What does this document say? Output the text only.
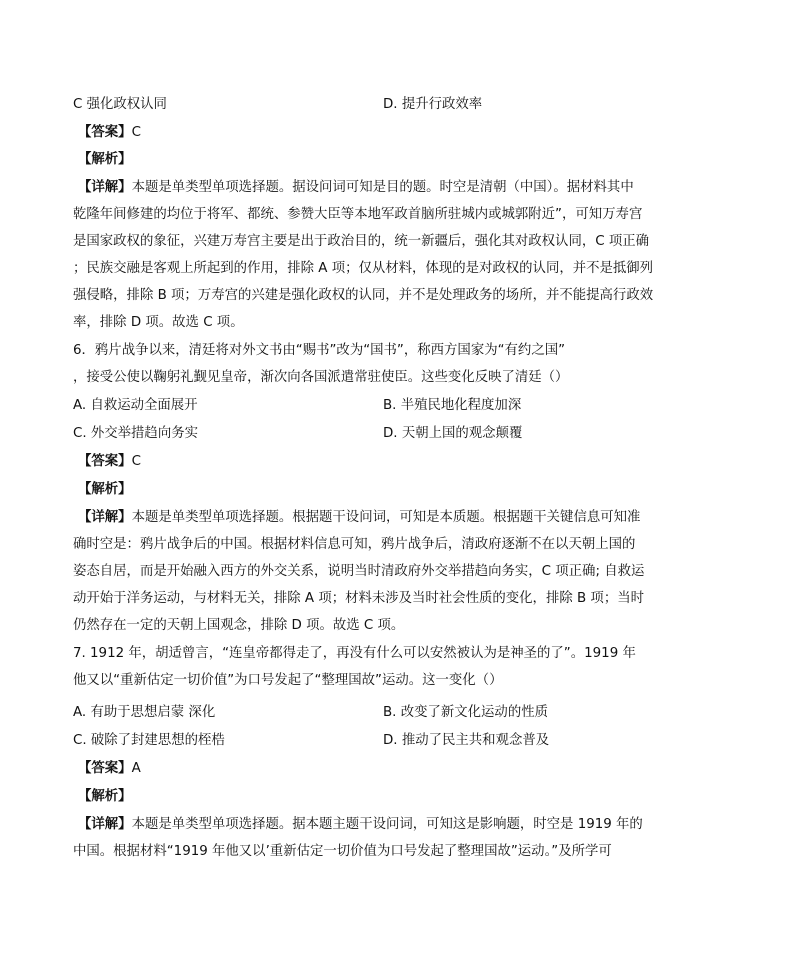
C 强化政权认同	D. 提升行政效率
【答案】C
【解析】
【详解】本题是单类型单项选择题。据设问词可知是目的题。时空是清朝（中国）。据材料其中
乾隆年间修建的均位于将军、都统、参赞大臣等本地军政首脑所驻城内或城郭附近”，可知万寿宫
是国家政权的象征，兴建万寿宫主要是出于政治目的，统一新疆后，强化其对政权认同，C 项正确
；民族交融是客观上所起到的作用，排除 A 项；仅从材料，体现的是对政权的认同，并不是抵御列
强侵略，排除 B 项；万寿宫的兴建是强化政权的认同，并不是处理政务的场所，并不能提高行政效
率，排除 D 项。故选 C 项。
6．鸦片战争以来，清廷将对外文书由“赐书”改为“国书”，称西方国家为“有约之国”
，接受公使以鞠躬礼觐见皇帝，渐次向各国派遣常驻使臣。这些变化反映了清廷（）
A. 自救运动全面展开	B. 半殖民地化程度加深
C. 外交举措趋向务实	D. 天朝上国的观念颠覆
【答案】C
【解析】
【详解】本题是单类型单项选择题。根据题干设问词，可知是本质题。根据题干关键信息可知准
确时空是：鸦片战争后的中国。根据材料信息可知，鸦片战争后，清政府逐渐不在以天朝上国的
姿态自居，而是开始融入西方的外交关系，说明当时清政府外交举措趋向务实，C 项正确; 自救运
动开始于洋务运动，与材料无关，排除 A 项；材料未涉及当时社会性质的变化，排除 B 项；当时
仍然存在一定的天朝上国观念，排除 D 项。故选 C 项。
7. 1912 年，胡适曾言，“连皇帝都得走了，再没有什么可以安然被认为是神圣的了”。1919 年
他又以“重新估定一切价值”为口号发起了“整理国故”运动。这一变化（）
A. 有助于思想启蒙 深化	B. 改变了新文化运动的性质
C. 破除了封建思想的桎梏	D. 推动了民主共和观念普及
【答案】A
【解析】
【详解】本题是单类型单项选择题。据本题主题干设问词，可知这是影响题，时空是 1919 年的
中国。根据材料“1919 年他又以’重新估定一切价值为口号发起了整理国故”运动。”及所学可
